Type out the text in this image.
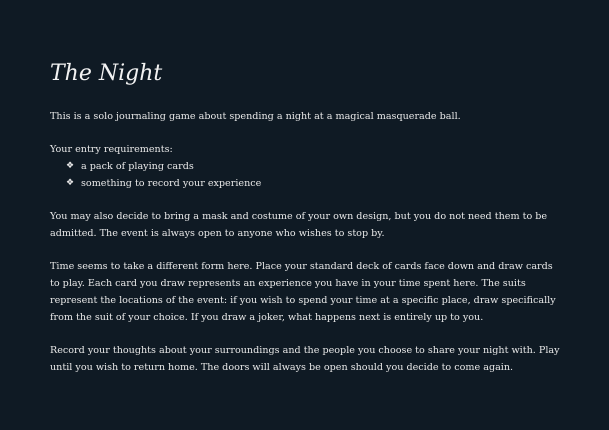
The Night

This is a solo journaling game about spending a night at a magical masquerade ball.

Your entry requirements:

❖ a pack of playing cards
❖ something to record your experience

You may also decide to bring a mask and costume of your own design, but you do not need them to be admitted. The event is always open to anyone who wishes to stop by.

Time seems to take a different form here. Place your standard deck of cards face down and draw cards to play. Each card you draw represents an experience you have in your time spent here. The suits represent the locations of the event: if you wish to spend your time at a specific place, draw specifically from the suit of your choice. If you draw a joker, what happens next is entirely up to you.

Record your thoughts about your surroundings and the people you choose to share your night with. Play until you wish to return home. The doors will always be open should you decide to come again.
